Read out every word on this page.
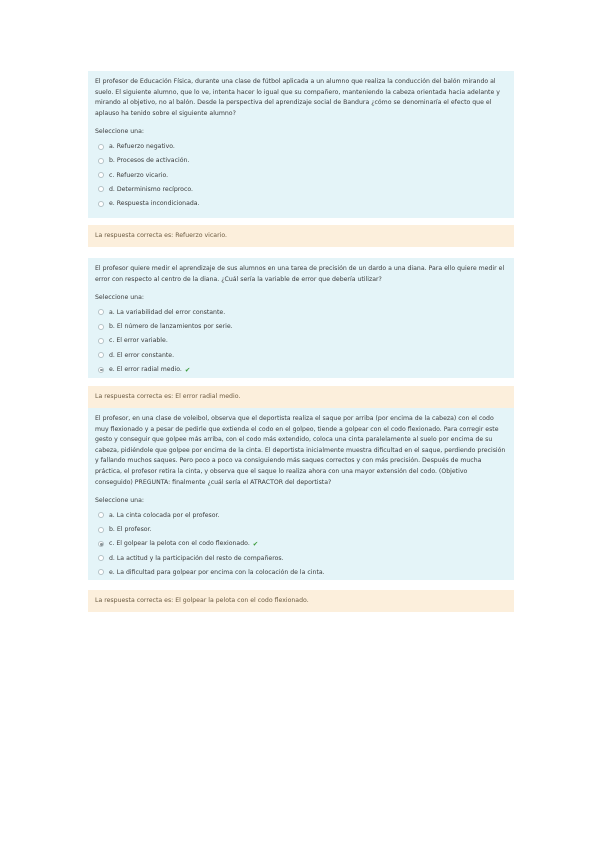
El profesor de Educación Física, durante una clase de fútbol aplicada a un alumno que realiza la conducción del balón mirando al suelo. El siguiente alumno, que lo ve, intenta hacer lo igual que su compañero, manteniendo la cabeza orientada hacia adelante y mirando al objetivo, no al balón. Desde la perspectiva del aprendizaje social de Bandura ¿cómo se denominaría el efecto que el aplauso ha tenido sobre el siguiente alumno?

Seleccione una:

a. Refuerzo negativo.
b. Procesos de activación.
c. Refuerzo vicario.
d. Determinismo recíproco.
e. Respuesta incondicionada.
La respuesta correcta es: Refuerzo vicario.

El profesor quiere medir el aprendizaje de sus alumnos en una tarea de precisión de un dardo a una diana. Para ello quiere medir el error con respecto al centro de la diana. ¿Cuál sería la variable de error que debería utilizar?

Seleccione una:

a. La variabilidad del error constante.
b. El número de lanzamientos por serie.
c. El error variable.
d. El error constante.
e. El error radial medio. ✔
La respuesta correcta es: El error radial medio.

El profesor, en una clase de voleibol, observa que el deportista realiza el saque por arriba (por encima de la cabeza) con el codo muy flexionado y a pesar de pedirle que extienda el codo en el golpeo, tiende a golpear con el codo flexionado. Para corregir este gesto y conseguir que golpee más arriba, con el codo más extendido, coloca una cinta paralelamente al suelo por encima de su cabeza, pidiéndole que golpee por encima de la cinta. El deportista inicialmente muestra dificultad en el saque, perdiendo precisión y fallando muchos saques. Pero poco a poco va consiguiendo más saques correctos y con más precisión. Después de mucha práctica, el profesor retira la cinta, y observa que el saque lo realiza ahora con una mayor extensión del codo. (Objetivo conseguido) PREGUNTA: finalmente ¿cuál sería el ATRACTOR del deportista?

Seleccione una:

a. La cinta colocada por el profesor.
b. El profesor.
c. El golpear la pelota con el codo flexionado. ✔
d. La actitud y la participación del resto de compañeros.
e. La dificultad para golpear por encima con la colocación de la cinta.
La respuesta correcta es: El golpear la pelota con el codo flexionado.
